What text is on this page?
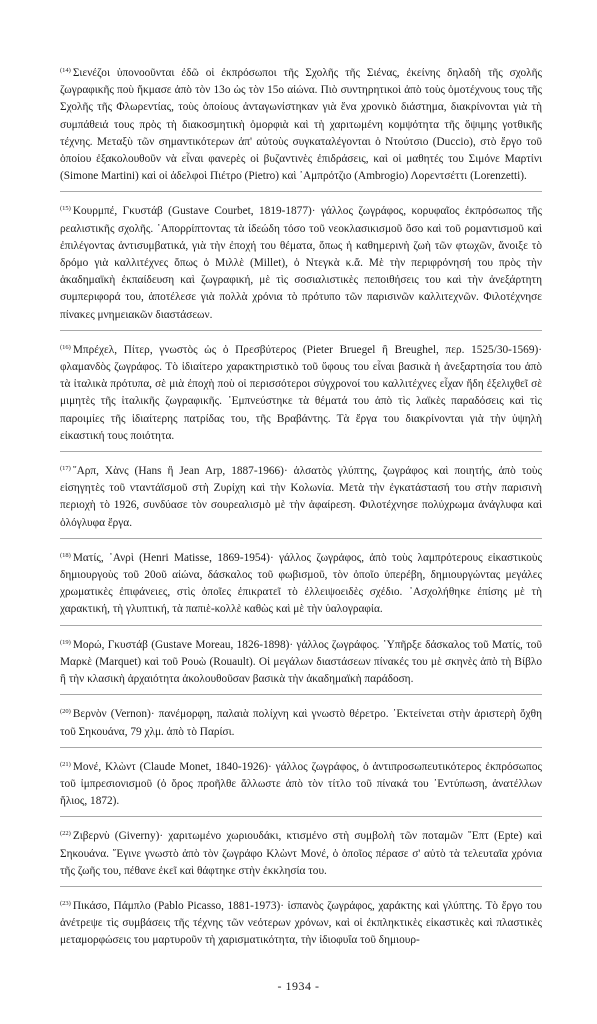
$^{(14)}$ Σιενέζοι ὑπονοοῦνται ἐδῶ οἱ ἐκπρόσωποι τῆς Σχολῆς τῆς Σιένας, ἐκείνης δηλαδὴ τῆς σχολῆς ζωγραφικῆς ποὺ ἤκμασε ἀπὸ τὸν 13ο ὡς τὸν 15ο αἰώνα. Πιὸ συντηρητικοὶ ἀπὸ τοὺς ὁμοτέχνους τους τῆς Σχολῆς τῆς Φλωρεντίας, τοὺς ὁποίους ἀνταγωνίστηκαν γιὰ ἕνα χρονικὸ διάστημα, διακρίνονται γιὰ τὴ συμπάθειά τους πρὸς τὴ διακοσμητικὴ ὀμορφιὰ καὶ τὴ χαριτωμένη κομψότητα τῆς ὄψιμης γοτθικῆς τέχνης. Μεταξὺ τῶν σημαντικότερων ἀπ' αὐτοὺς συγκαταλέγονται ὁ Ντούτσιο (Duccio), στὸ ἔργο τοῦ ὁποίου ἐξακολουθοῦν νὰ εἶναι φανερὲς οἱ βυζαντινὲς ἐπιδράσεις, καὶ οἱ μαθητές του Σιμόνε Μαρτίνι (Simone Martini) καὶ οἱ ἀδελφοὶ Πιέτρο (Pietro) καὶ ᾿Αμπρότζιο (Ambrogio) Λορεντσέττι (Lorenzetti).

$^{(15)}$ Κουρμπέ, Γκυστάβ (Gustave Courbet, 1819-1877)· γάλλος ζωγράφος, κορυφαῖος ἐκπρόσωπος τῆς ρεαλιστικῆς σχολῆς. ᾿Απορρίπτοντας τὰ ἰδεώδη τόσο τοῦ νεοκλασικισμοῦ ὅσο καὶ τοῦ ρομαντισμοῦ καὶ ἐπιλέγοντας ἀντισυμβατικά, γιὰ τὴν ἐποχή του θέματα, ὅπως ἡ καθημερινὴ ζωὴ τῶν φτωχῶν, ἄνοιξε τὸ δρόμο γιὰ καλλιτέχνες ὅπως ὁ Μιλλὲ (Millet), ὁ Ντεγκὰ κ.ἄ. Μὲ τὴν περιφρόνησή του πρὸς τὴν ἀκαδημαϊκὴ ἐκπαίδευση καὶ ζωγραφική, μὲ τὶς σοσιαλιστικὲς πεποιθήσεις του καὶ τὴν ἀνεξάρτητη συμπεριφορά του, ἀποτέλεσε γιὰ πολλὰ χρόνια τὸ πρότυπο τῶν παρισινῶν καλλιτεχνῶν. Φιλοτέχνησε πίνακες μνημειακῶν διαστάσεων.

$^{(16)}$ Μπρέχελ, Πίτερ, γνωστὸς ὡς ὁ Πρεσβύτερος (Pieter Bruegel ἢ Breughel, περ. 1525/30-1569)· φλαμανδὸς ζωγράφος. Τὸ ἰδιαίτερο χαρακτηριστικὸ τοῦ ὕφους του εἶναι βασικὰ ἡ ἀνεξαρτησία του ἀπὸ τὰ ἰταλικὰ πρότυπα, σὲ μιὰ ἐποχὴ ποὺ οἱ περισσότεροι σύγχρονοί του καλλιτέχνες εἶχαν ἤδη ἐξελιχθεῖ σὲ μιμητὲς τῆς ἰταλικῆς ζωγραφικῆς. ᾿Εμπνεύστηκε τὰ θέματά του ἀπὸ τὶς λαϊκὲς παραδόσεις καὶ τὶς παροιμίες τῆς ἰδιαίτερης πατρίδας του, τῆς Βραβάντης. Τὰ ἔργα του διακρίνονται γιὰ τὴν ὑψηλὴ εἰκαστική τους ποιότητα.

$^{(17)}$ ῞Αρπ, Χὰνς (Hans ἢ Jean Arp, 1887-1966)· ἀλσατὸς γλύπτης, ζωγράφος καὶ ποιητής, ἀπὸ τοὺς εἰσηγητὲς τοῦ νταντάϊσμοῦ στὴ Ζυρίχη καὶ τὴν Κολωνία. Μετὰ τὴν ἐγκατάστασή του στὴν παρισινὴ περιοχὴ τὸ 1926, συνδύασε τὸν σουρεαλισμὸ μὲ τὴν ἀφαίρεση. Φιλοτέχνησε πολύχρωμα ἀνάγλυφα καὶ ὁλόγλυφα ἔργα.

$^{(18)}$ Ματίς, ᾿Ανρὶ (Henri Matisse, 1869-1954)· γάλλος ζωγράφος, ἀπὸ τοὺς λαμπρότερους εἰκαστικοὺς δημιουργοὺς τοῦ 20οῦ αἰώνα, δάσκαλος τοῦ φωβισμοῦ, τὸν ὁποῖο ὑπερέβη, δημιουργώντας μεγάλες χρωματικὲς ἐπιφάνειες, στὶς ὁποῖες ἐπικρατεῖ τὸ ἐλλειψοειδὲς σχέδιο. ᾿Ασχολήθηκε ἐπίσης μὲ τὴ χαρακτική, τὴ γλυπτική, τὰ παπιὲ-κολλὲ καθὼς καὶ μὲ τὴν ὑαλογραφία.

$^{(19)}$ Μορώ, Γκυστάβ (Gustave Moreau, 1826-1898)· γάλλος ζωγράφος. ῾Υπῆρξε δάσκαλος τοῦ Ματίς, τοῦ Μαρκὲ (Marquet) καὶ τοῦ Ρουὼ (Rouault). Οἱ μεγάλων διαστάσεων πίνακές του μὲ σκηνὲς ἀπὸ τὴ Βίβλο ἢ τὴν κλασικὴ ἀρχαιότητα ἀκολουθοῦσαν βασικὰ τὴν ἀκαδημαϊκὴ παράδοση.

$^{(20)}$ Βερνὸν (Vernon)· πανέμορφη, παλαιὰ πολίχνη καὶ γνωστὸ θέρετρο. ᾿Εκτείνεται στὴν ἀριστερὴ ὄχθη τοῦ Σηκουάνα, 79 χλμ. ἀπὸ τὸ Παρίσι.

$^{(21)}$ Μονέ, Κλὼντ (Claude Monet, 1840-1926)· γάλλος ζωγράφος, ὁ ἀντιπροσωπευτικότερος ἐκπρόσωπος τοῦ ἰμπρεσιονισμοῦ (ὁ ὅρος προῆλθε ἄλλωστε ἀπὸ τὸν τίτλο τοῦ πίνακά του ᾿Εντύπωση, ἀνατέλλων ἥλιος, 1872).

$^{(22)}$ Ζιβερνὺ (Giverny)· χαριτωμένο χωριουδάκι, κτισμένο στὴ συμβολὴ τῶν ποταμῶν ῎Επτ (Epte) καὶ Σηκουάνα. ῎Εγινε γνωστὸ ἀπὸ τὸν ζωγράφο Κλὼντ Μονέ, ὁ ὁποῖος πέρασε σ' αὐτὸ τὰ τελευταῖα χρόνια τῆς ζωῆς του, πέθανε ἐκεῖ καὶ θάφτηκε στὴν ἐκκλησία του.

$^{(23)}$ Πικάσο, Πάμπλο (Pablo Picasso, 1881-1973)· ἰσπανὸς ζωγράφος, χαράκτης καὶ γλύπτης. Τὸ ἔργο του ἀνέτρεψε τὶς συμβάσεις τῆς τέχνης τῶν νεότερων χρόνων, καὶ οἱ ἐκπληκτικὲς εἰκαστικὲς καὶ πλαστικὲς μεταμορφώσεις του μαρτυροῦν τὴ χαρισματικότητα, τὴν ἰδιοφυΐα τοῦ δημιουρ-

- 1934 -
